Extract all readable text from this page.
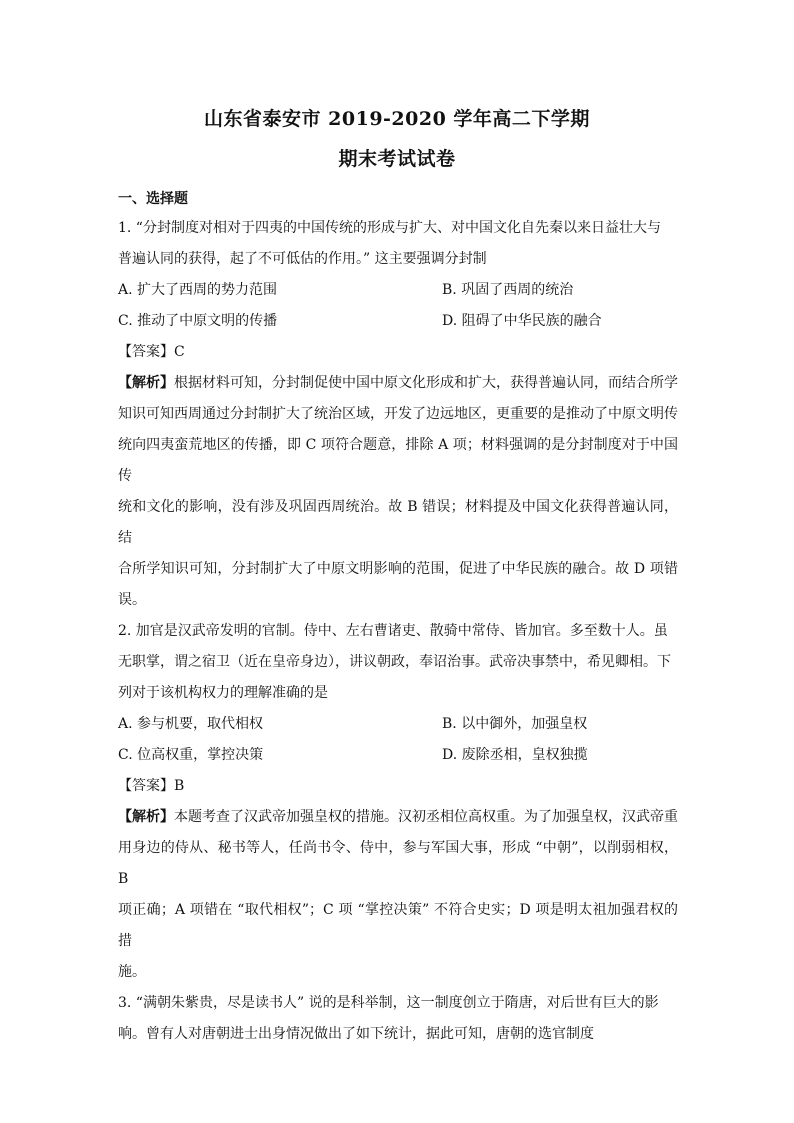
山东省泰安市 2019-2020 学年高二下学期
期末考试试卷
一、选择题

1. “分封制度对相对于四夷的中国传统的形成与扩大、对中国文化自先秦以来日益壮大与

普遍认同的获得，起了不可低估的作用。” 这主要强调分封制

A. 扩大了西周的势力范围	B. 巩固了西周的统治
C. 推动了中原文明的传播	D. 阻碍了中华民族的融合

【答案】C

【解析】根据材料可知，分封制促使中国中原文化形成和扩大，获得普遍认同，而结合所学

知识可知西周通过分封制扩大了统治区域，开发了边远地区，更重要的是推动了中原文明传

统向四夷蛮荒地区的传播，即 C 项符合题意，排除 A 项；材料强调的是分封制度对于中国传

统和文化的影响，没有涉及巩固西周统治。故 B 错误；材料提及中国文化获得普遍认同，结

合所学知识可知，分封制扩大了中原文明影响的范围，促进了中华民族的融合。故 D 项错误。

2. 加官是汉武帝发明的官制。侍中、左右曹诸吏、散骑中常侍、皆加官。多至数十人。虽

无职掌，谓之宿卫（近在皇帝身边），讲议朝政，奉诏治事。武帝决事禁中，希见卿相。下

列对于该机构权力的理解准确的是

A. 参与机要，取代相权	B. 以中御外，加强皇权
C. 位高权重，掌控决策	D. 废除丞相，皇权独揽

【答案】B

【解析】本题考查了汉武帝加强皇权的措施。汉初丞相位高权重。为了加强皇权，汉武帝重

用身边的侍从、秘书等人，任尚书令、侍中，参与军国大事，形成 “中朝”，以削弱相权，B

项正确；A 项错在 “取代相权”；C 项 “掌控决策” 不符合史实；D 项是明太祖加强君权的措

施。

3. “满朝朱紫贵，尽是读书人” 说的是科举制，这一制度创立于隋唐，对后世有巨大的影

响。曾有人对唐朝进士出身情况做出了如下统计，据此可知，唐朝的选官制度
